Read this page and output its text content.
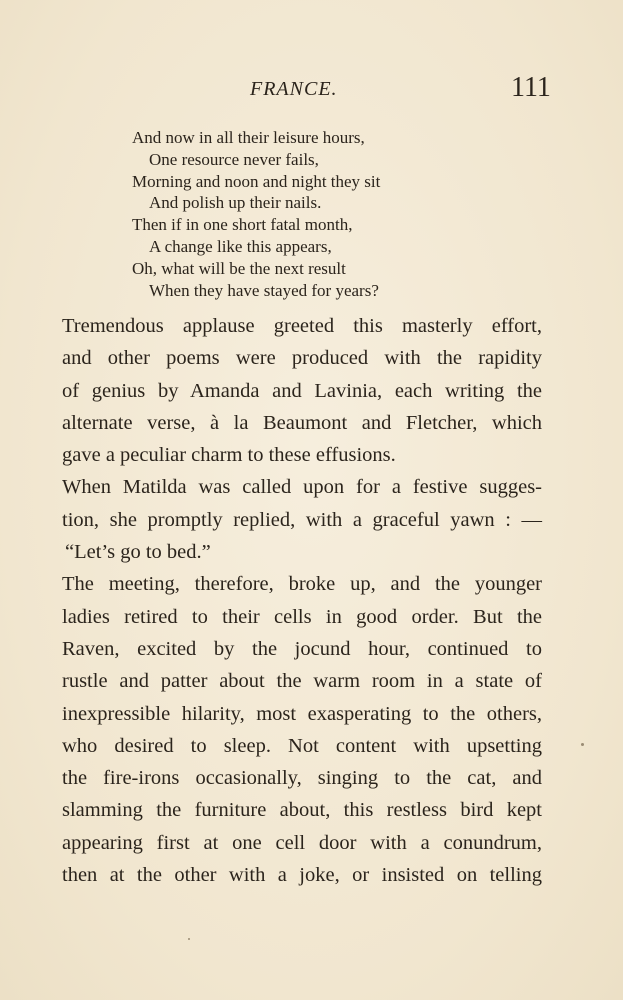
FRANCE.	111
And now in all their leisure hours,
One resource never fails,
Morning and noon and night they sit
And polish up their nails.
Then if in one short fatal month,
A change like this appears,
Oh, what will be the next result
When they have stayed for years?
Tremendous applause greeted this masterly effort,
and other poems were produced with the rapidity
of genius by Amanda and Lavinia, each writing the
alternate verse, à la Beaumont and Fletcher, which
gave a peculiar charm to these effusions.
When Matilda was called upon for a festive sugges-
tion, she promptly replied, with a graceful yawn : —
“Let’s go to bed.”
The meeting, therefore, broke up, and the younger
ladies retired to their cells in good order. But the
Raven, excited by the jocund hour, continued to
rustle and patter about the warm room in a state of
inexpressible hilarity, most exasperating to the others,
who desired to sleep. Not content with upsetting
the fire-irons occasionally, singing to the cat, and
slamming the furniture about, this restless bird kept
appearing first at one cell door with a conundrum,
then at the other with a joke, or insisted on telling
